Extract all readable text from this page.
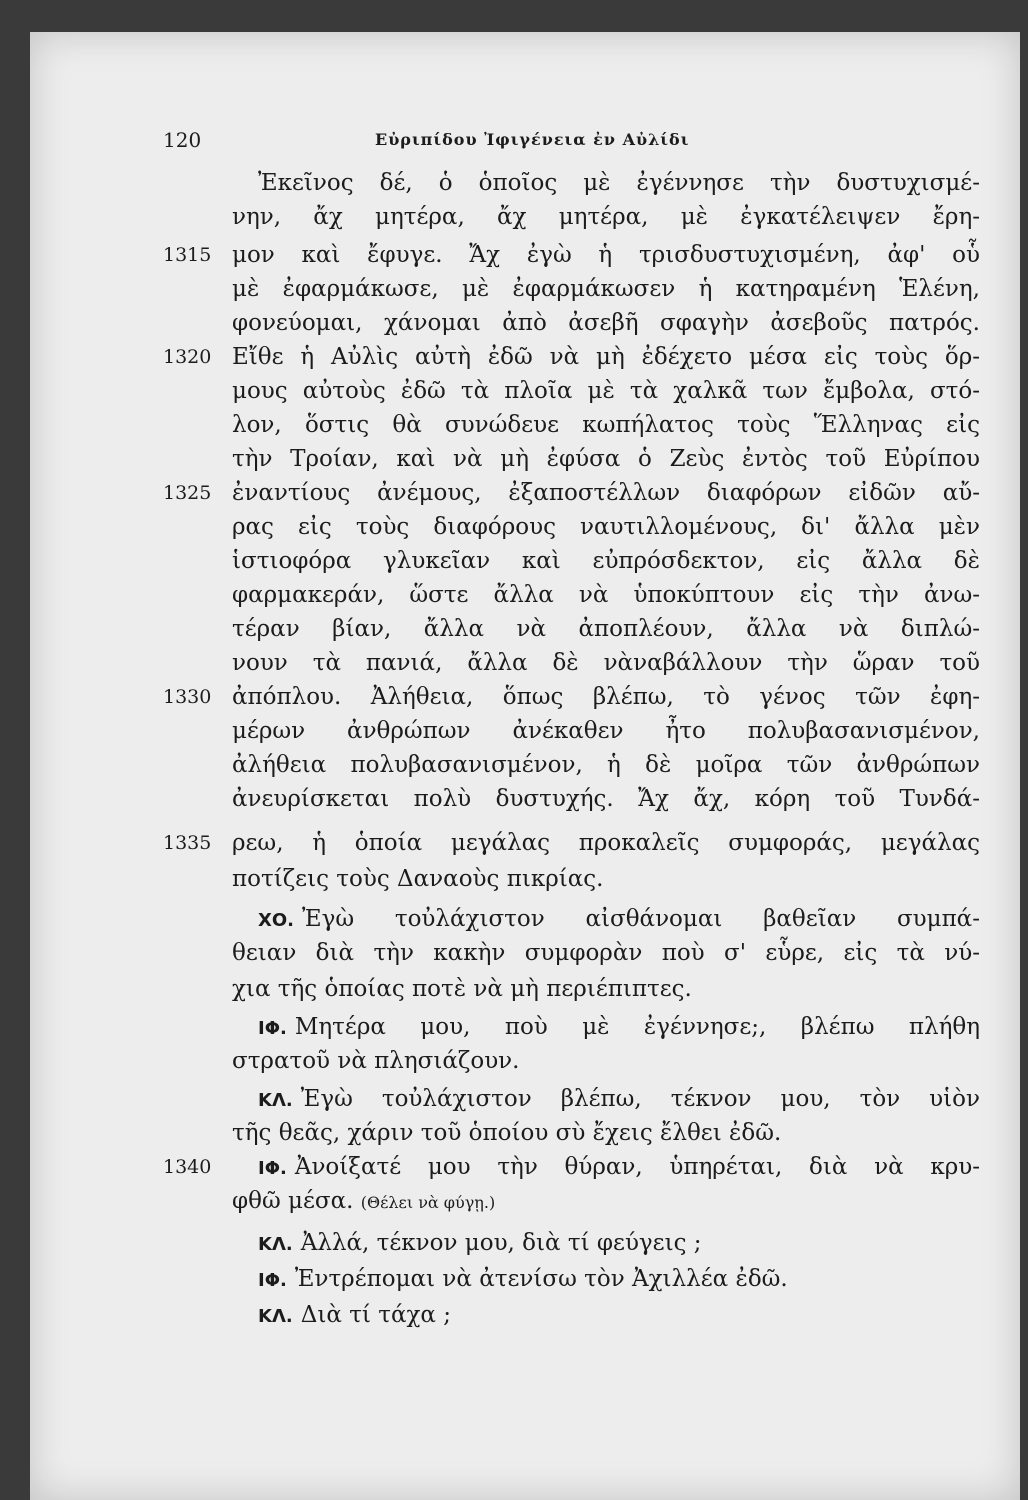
120	Εὐριπίδου Ἰφιγένεια ἐν Αὐλίδι
1315
1320
1325
1330
1335
1340
Ἐκεῖνος δέ, ὁ ὁποῖος μὲ ἐγέννησε τὴν δυστυχισμέ-
νην, ἄχ μητέρα, ἄχ μητέρα, μὲ ἐγκατέλειψεν ἔρη-
μον καὶ ἔφυγε. Ἄχ ἐγὼ ἡ τρισδυστυχισμένη, ἀφ' οὗ
μὲ ἐφαρμάκωσε, μὲ ἐφαρμάκωσεν ἡ κατηραμένη Ἑλένη,
φονεύομαι, χάνομαι ἀπὸ ἀσεβῆ σφαγὴν ἀσεβοῦς πατρός.
Εἴθε ἡ Αὐλὶς αὐτὴ ἐδῶ νὰ μὴ ἐδέχετο μέσα εἰς τοὺς ὅρ-
μους αὐτοὺς ἐδῶ τὰ πλοῖα μὲ τὰ χαλκᾶ των ἔμβολα, στό-
λον, ὅστις θὰ συνώδευε κωπήλατος τοὺς Ἕλληνας εἰς
τὴν Τροίαν, καὶ νὰ μὴ ἐφύσα ὁ Ζεὺς ἐντὸς τοῦ Εὐρίπου
ἐναντίους ἀνέμους, ἐξαποστέλλων διαφόρων εἰδῶν αὔ-
ρας εἰς τοὺς διαφόρους ναυτιλλομένους, δι' ἄλλα μὲν
ἱστιοφόρα γλυκεῖαν καὶ εὐπρόσδεκτον, εἰς ἄλλα δὲ
φαρμακεράν, ὥστε ἄλλα νὰ ὑποκύπτουν εἰς τὴν ἀνω-
τέραν βίαν, ἄλλα νὰ ἀποπλέουν, ἄλλα νὰ διπλώ-
νουν τὰ πανιά, ἄλλα δὲ νὰναβάλλουν τὴν ὥραν τοῦ
ἀπόπλου. Ἀλήθεια, ὅπως βλέπω, τὸ γένος τῶν ἐφη-
μέρων ἀνθρώπων ἀνέκαθεν ἦτο πολυβασανισμένον,
ἀλήθεια πολυβασανισμένον, ἡ δὲ μοῖρα τῶν ἀνθρώπων
ἀνευρίσκεται πολὺ δυστυχής. Ἄχ ἄχ, κόρη τοῦ Τυνδά-
ρεω, ἡ ὁποία μεγάλας προκαλεῖς συμφοράς, μεγάλας
ποτίζεις τοὺς Δαναοὺς πικρίας.
ΧΟ. Ἐγὼ τοὐλάχιστον αἰσθάνομαι βαθεῖαν συμπά-
θειαν διὰ τὴν κακὴν συμφορὰν ποὺ σ' εὗρε, εἰς τὰ νύ-
χια τῆς ὁποίας ποτὲ νὰ μὴ περιέπιπτες.
ΙΦ. Μητέρα μου, ποὺ μὲ ἐγέννησε;, βλέπω πλήθη
στρατοῦ νὰ πλησιάζουν.
ΚΛ. Ἐγὼ τοὐλάχιστον βλέπω, τέκνον μου, τὸν υἱὸν
τῆς θεᾶς, χάριν τοῦ ὁποίου σὺ ἔχεις ἔλθει ἐδῶ.
ΙΦ. Ἀνοίξατέ μου τὴν θύραν, ὑπηρέται, διὰ νὰ κρυ-
φθῶ μέσα. (Θέλει νὰ φύγῃ.)
ΚΛ. Ἀλλά, τέκνον μου, διὰ τί φεύγεις ;
ΙΦ. Ἐντρέπομαι νὰ ἀτενίσω τὸν Ἀχιλλέα ἐδῶ.
ΚΛ. Διὰ τί τάχα ;
